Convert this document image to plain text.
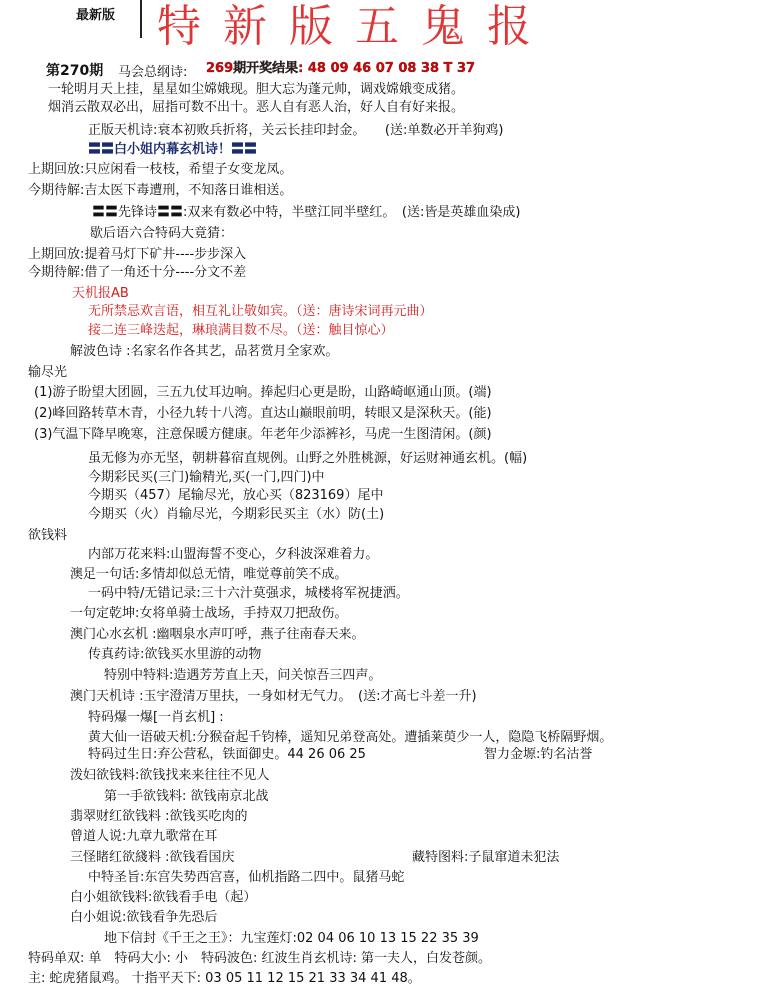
最新版 特新版五鬼报
第270期 马会总纲诗: 269期开奖结果: 48 09 46 07 08 38 T 37
一轮明月天上挂，星星如尘嫦娥现。胆大忘为蓬元帅，调戏嫦娥变成猪。
烟消云散双必出，屈指可数不出十。恶人自有恶人治，好人自有好来报。
正版天机诗:衰本初败兵折将，关云长挂印封金。　　(送:单数必开羊狗鸡)
〓〓白小姐内幕玄机诗！〓〓
上期回放:只应闲看一枝枝，希望子女变龙凤。
今期待解:吉太医下毒遭刑，不知落日谁相送。
〓〓先锋诗〓〓:双来有数必中特，半壁江同半壁红。　(送:皆是英雄血染成)
歇后语六合特码大竟猜：
上期回放:提着马灯下矿井----步步深入
今期待解:借了一角还十分----分文不差
天机报AB
无所禁忌欢言语，相互礼让敬如宾。（送：唐诗宋词再元曲）
接二连三峰迭起，琳琅满目数不尽。（送：触目惊心）
解波色诗 :名家名作各其艺，品茗赏月全家欢。
输尽光
(1)游子盼望大团圆，三五九仗耳边响。捧起归心更是盼，山路崎岖通山顶。(端)
(2)峰回路转草木青，小径九转十八湾。直达山巅眼前明，转眼又是深秋天。(能)
(3)气温下降早晚寒，注意保暖方健康。年老年少添裤衫，马虎一生图清闲。(颜)
虽无修为亦无坚，朝耕暮宿直规例。山野之外胜桃源，好运财神通玄机。(幅)
今期彩民买(三门)输精光,买(一门,四门)中
今期买（457）尾输尽光，放心买（823169）尾中
今期买（火）肖输尽光，今期彩民买主（水）防(土)
欲钱料
内部万花来料:山盟海誓不变心，夕科波深难着力。
澳足一句话:多情却似总无情，唯觉尊前笑不成。
一码中特/无错记录:三十六汁莫强求，城楼将军祝捷洒。
一句定乾坤:女将单骑士战场，手持双刀把敌伤。
澳门心水玄机 :幽咽泉水声叮呼，燕子往南春天来。
传真药诗:欲钱买水里游的动物
特别中特料:造遇芳芳直上天，问关惊吾三四声。
澳门天机诗 :玉宇澄清万里扶，一身如材无气力。　(送:才高七斗差一升)
特码爆一爆[一肖玄机] :
黄大仙一语破天机:分猴奋起千钧棒，遥知兄弟登高处。遭插莱萸少一人，隐隐飞桥隔野烟。
特码过生日:弃公营私，铁面御史。44 26 06 25	智力金塬:钓名沽誉
泼妇欲钱料:欲钱找来来往往不见人
第一手欲钱料: 欲钱南京北战
翡翠财红欲钱料 :欲钱买吃肉的
曾道人说:九章九歌常在耳
三怪睹红欲綫料 :欲钱看国庆	藏特图料:子鼠窜道未犯法
中特圣旨:东宫失势西宫喜，仙机指路二四中。鼠猪马蛇
白小姐欲钱料:欲钱看手电（起）
白小姐说:欲钱看争先恐后
地下信封《千王之王》：九宝莲灯:02 04 06 10 13 15 22 35 39
特码单双: 单　特码大小: 小　特码波色: 红波生肖玄机诗: 第一夫人，白发苍颜。
主: 蛇虎猪鼠鸡。 十指平天下: 03 05 11 12 15 21 33 34 41 48。
